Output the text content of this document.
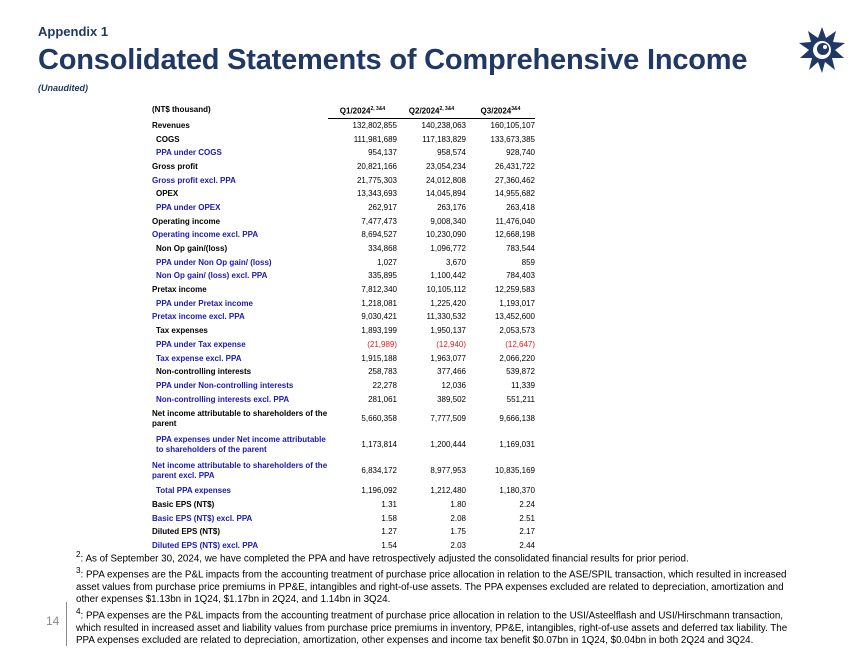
Appendix 1
Consolidated Statements of Comprehensive Income
(Unaudited)
(NT$ thousand)	$Q1/2024^{2, 3\&4}$	$Q2/2024^{2, 3\&4}$	$Q3/2024^{3\&4}$
Revenues	132,802,855	140,238,063	160,105,107
COGS	111,981,689	117,183,829	133,673,385
PPA under COGS	954,137	958,574	928,740
Gross profit	20,821,166	23,054,234	26,431,722
Gross profit excl. PPA	21,775,303	24,012,808	27,360,462
OPEX	13,343,693	14,045,894	14,955,682
PPA under OPEX	262,917	263,176	263,418
Operating income	7,477,473	9,008,340	11,476,040
Operating income excl. PPA	8,694,527	10,230,090	12,668,198
Non Op gain/(loss)	334,868	1,096,772	783,544
PPA under Non Op gain/ (loss)	1,027	3,670	859
Non Op gain/ (loss) excl. PPA	335,895	1,100,442	784,403
Pretax income	7,812,340	10,105,112	12,259,583
PPA under Pretax income	1,218,081	1,225,420	1,193,017
Pretax income excl. PPA	9,030,421	11,330,532	13,452,600
Tax expenses	1,893,199	1,950,137	2,053,573
PPA under Tax expense	(21,989)	(12,940)	(12,647)
Tax expense excl. PPA	1,915,188	1,963,077	2,066,220
Non-controlling interests	258,783	377,466	539,872
PPA under Non-controlling interests	22,278	12,036	11,339
Non-controlling interests excl. PPA	281,061	389,502	551,211
Net income attributable to shareholders of the parent	5,660,358	7,777,509	9,666,138
PPA expenses under Net income attributable to shareholders of the parent	1,173,814	1,200,444	1,169,031
Net income attributable to shareholders of the parent excl. PPA	6,834,172	8,977,953	10,835,169
Total PPA expenses	1,196,092	1,212,480	1,180,370
Basic EPS (NT$)	1.31	1.80	2.24
Basic EPS (NT$) excl. PPA	1.58	2.08	2.51
Diluted EPS (NT$)	1.27	1.75	2.17
Diluted EPS (NT$) excl. PPA	1.54	2.03	2.44

$^2$: As of September 30, 2024, we have completed the PPA and have retrospectively adjusted the consolidated financial results for prior period.

$^3$: PPA expenses are the P&L impacts from the accounting treatment of purchase price allocation in relation to the ASE/SPIL transaction, which resulted in increased asset values from purchase price premiums in PP&E, intangibles and right-of-use assets. The PPA expenses excluded are related to depreciation, amortization and other expenses $1.13bn in 1Q24, $1.17bn in 2Q24, and 1.14bn in 3Q24.

$^4$: PPA expenses are the P&L impacts from the accounting treatment of purchase price allocation in relation to the USI/Asteelflash and USI/Hirschmann transaction, which resulted in increased asset and liability values from purchase price premiums in inventory, PP&E, intangibles, right-of-use assets and deferred tax liability. The PPA expenses excluded are related to depreciation, amortization, other expenses and income tax benefit $0.07bn in 1Q24, $0.04bn in both 2Q24 and 3Q24.

14
